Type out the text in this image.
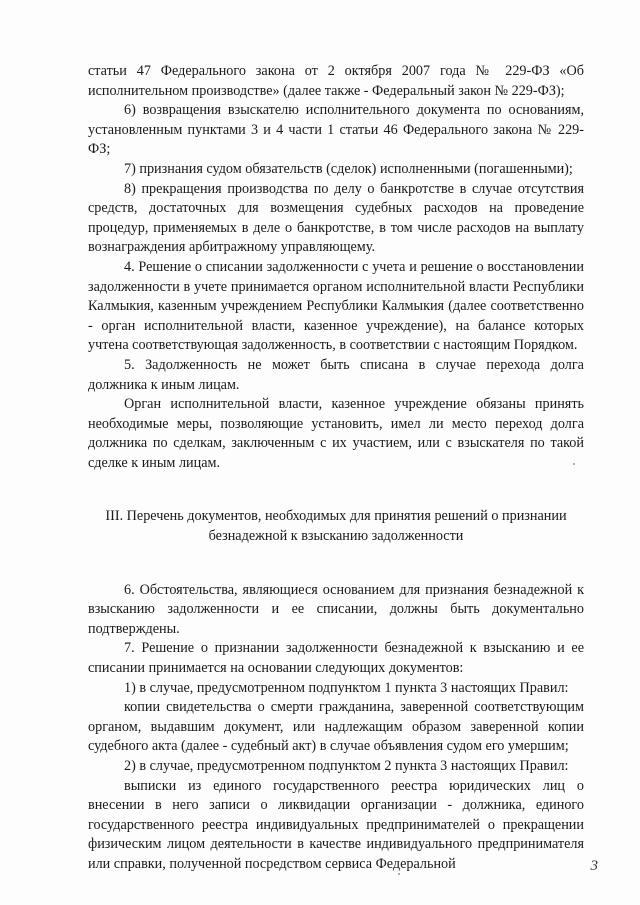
статьи 47 Федерального закона от 2 октября 2007 года № 229-ФЗ «Об исполнительном производстве» (далее также - Федеральный закон № 229-ФЗ);

6) возвращения взыскателю исполнительного документа по основаниям, установленным пунктами 3 и 4 части 1 статьи 46 Федерального закона № 229-ФЗ;

7) признания судом обязательств (сделок) исполненными (погашенными);

8) прекращения производства по делу о банкротстве в случае отсутствия средств, достаточных для возмещения судебных расходов на проведение процедур, применяемых в деле о банкротстве, в том числе расходов на выплату вознаграждения арбитражному управляющему.

4. Решение о списании задолженности с учета и решение о восстановлении задолженности в учете принимается органом исполнительной власти Республики Калмыкия, казенным учреждением Республики Калмыкия (далее соответственно - орган исполнительной власти, казенное учреждение), на балансе которых учтена соответствующая задолженность, в соответствии с настоящим Порядком.

5. Задолженность не может быть списана в случае перехода долга должника к иным лицам.

Орган исполнительной власти, казенное учреждение обязаны принять необходимые меры, позволяющие установить, имел ли место переход долга должника по сделкам, заключенным с их участием, или с взыскателя по такой сделке к иным лицам.

III. Перечень документов, необходимых для принятия решений о признании безнадежной к взысканию задолженности

6. Обстоятельства, являющиеся основанием для признания безнадежной к взысканию задолженности и ее списании, должны быть документально подтверждены.

7. Решение о признании задолженности безнадежной к взысканию и ее списании принимается на основании следующих документов:

1) в случае, предусмотренном подпунктом 1 пункта 3 настоящих Правил:

копии свидетельства о смерти гражданина, заверенной соответствующим органом, выдавшим документ, или надлежащим образом заверенной копии судебного акта (далее - судебный акт) в случае объявления судом его умершим;

2) в случае, предусмотренном подпунктом 2 пункта 3 настоящих Правил:

выписки из единого государственного реестра юридических лиц о внесении в него записи о ликвидации организации - должника, единого государственного реестра индивидуальных предпринимателей о прекращении физическим лицом деятельности в качестве индивидуального предпринимателя или справки, полученной посредством сервиса Федеральной	3
